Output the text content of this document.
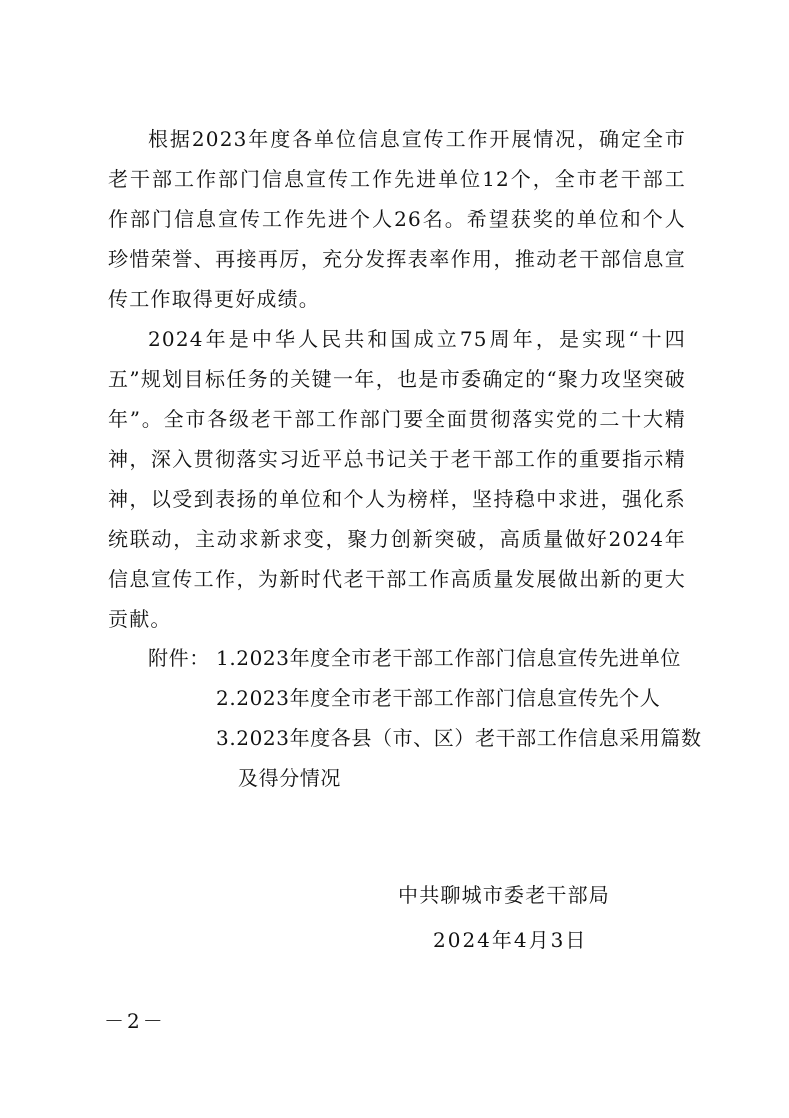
根据2023年度各单位信息宣传工作开展情况，确定全市老干部工作部门信息宣传工作先进单位12个，全市老干部工作部门信息宣传工作先进个人26名。希望获奖的单位和个人珍惜荣誉、再接再厉，充分发挥表率作用，推动老干部信息宣传工作取得更好成绩。

2024年是中华人民共和国成立75周年，是实现“十四五”规划目标任务的关键一年，也是市委确定的“聚力攻坚突破年”。全市各级老干部工作部门要全面贯彻落实党的二十大精神，深入贯彻落实习近平总书记关于老干部工作的重要指示精神，以受到表扬的单位和个人为榜样，坚持稳中求进，强化系统联动，主动求新求变，聚力创新突破，高质量做好2024年信息宣传工作，为新时代老干部工作高质量发展做出新的更大贡献。

附件： 1.2023年度全市老干部工作部门信息宣传先进单位
2.2023年度全市老干部工作部门信息宣传先个人
3.2023年度各县（市、区）老干部工作信息采用篇数
及得分情况
中共聊城市委老干部局
2024年4月3日
－2－
